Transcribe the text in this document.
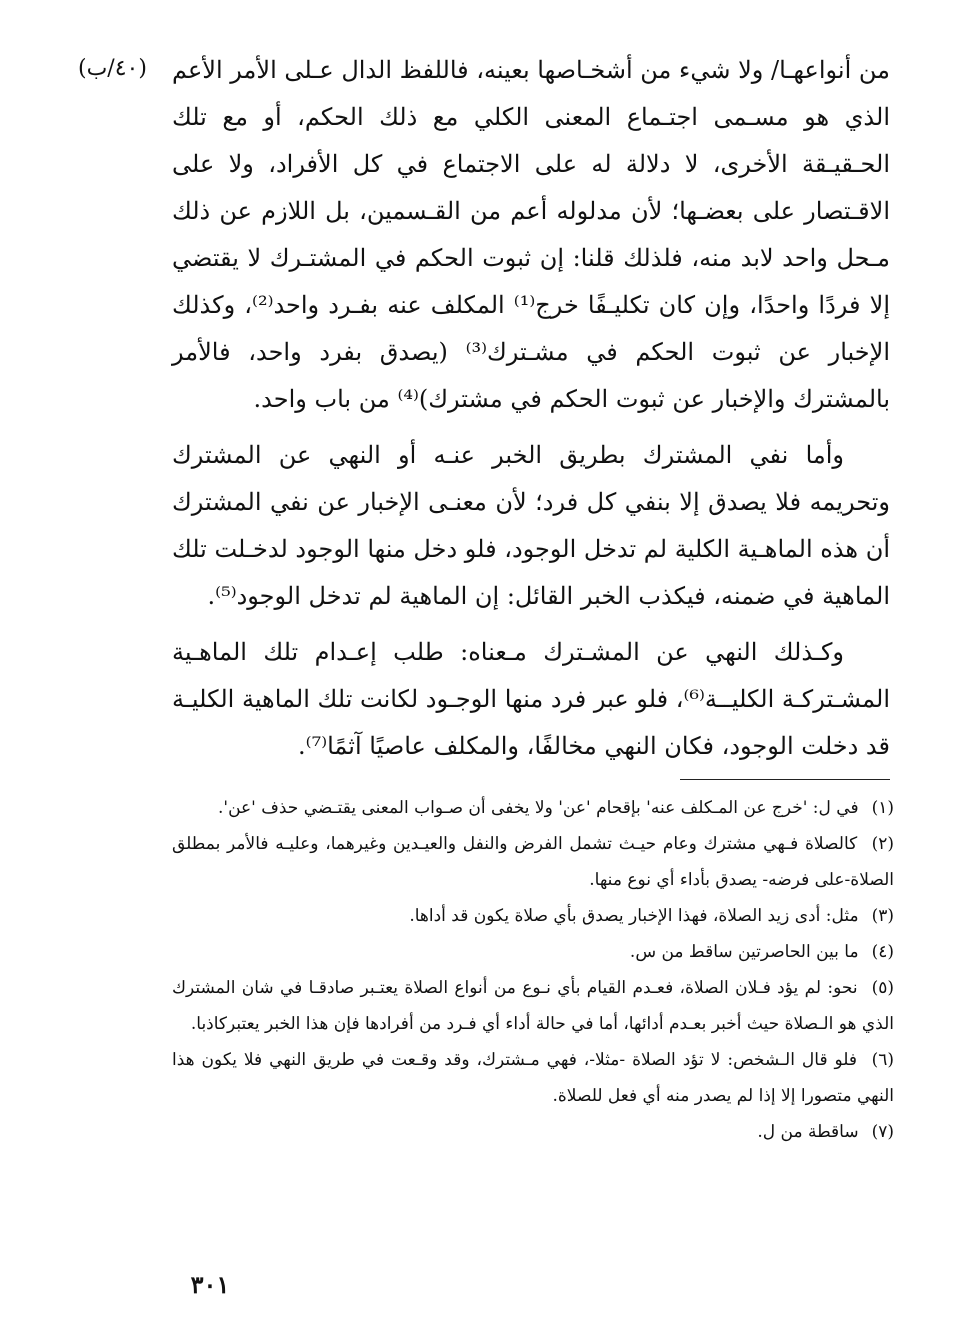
(٤٠/ب) من أنواعهـا/ ولا شيء من أشخـاصها بعينه، فاللفظ الدال عـلى الأمر الأعم الذي هو مسـمى اجتـماع المعنى الكلي مع ذلك الحكم، أو مع تلك الحـقيـقة الأخرى، لا دلالة له على الاجتماع في كل الأفراد، ولا على الاقـتصار على بعضـها؛ لأن مدلوله أعم من القـسمين، بل اللازم عن ذلك مـحل واحد لابد منه، فلذلك قلنا: إن ثبوت الحكم في المشتـرك لا يقتضي إلا فردًا واحدًا، وإن كان تكليـفًا خرج⁽¹⁾ المكلف عنه بفـرد واحد⁽²⁾، وكذلك الإخبار عن ثبوت الحكم في مشـترك⁽³⁾ (يصدق بفرد واحد، فالأمر بالمشترك والإخبار عن ثبوت الحكم في مشترك)⁽⁴⁾ من باب واحد.

وأما نفي المشترك بطريق الخبر عنـه أو النهي عن المشترك وتحريمه فلا يصدق إلا بنفي كل فرد؛ لأن معنـى الإخبار عن نفي المشترك أن هذه الماهـية الكلية لم تدخل الوجود، فلو دخل منها الوجود لدخـلت تلك الماهية في ضمنه، فيكذب الخبر القائل: إن الماهية لم تدخل الوجود⁽⁵⁾.

وكـذلك النهي عن المشـترك مـعناه: طلب إعـدام تلك الماهـية المشـتركـة الكليــة⁽⁶⁾، فلو عبر فرد منها الوجـود لكانت تلك الماهية الكليـة قد دخلت الوجود، فكان النهي مخالفًا، والمكلف عاصيًا آثمًا⁽⁷⁾.

(١) في ل: 'خرج عن المـكلف عنه' بإقحام 'عن' ولا يخفى أن صـواب المعنى يقتـضي حذف 'عن'.

(٢) كالصلاة فـهي مشترك وعام حيـث تشمل الفرض والنفل والعيـدين وغيرهما، وعليـه فالأمر بمطلق الصلاة-على فرضه- يصدق بأداء أي نوع منها.

(٣) مثل: أدى زيد الصلاة، فهذا الإخبار يصدق بأي صلاة يكون قد أداها.

(٤) ما بين الحاصرتين ساقط من س.

(٥) نحو: لم يؤد فـلان الصلاة، فعـدم القيام بأي نـوع من أنواع الصلاة يعتـبر صادقـا في شان المشترك الذي هو الـصلاة حيث أخبر بعـدم أدائها، أما في حالة أداء أي فـرد من أفرادها فإن هذا الخبر يعتبركاذبا.

(٦) فلو قال الـشخص: لا تؤد الصلاة -مثلا-، فهي مـشترك، وقد وقـعت في طريق النهي فلا يكون هذا النهي متصورا إلا إذا لم يصدر منه أي فعل للصلاة.

(٧) ساقطة من ل.

٣٠١
